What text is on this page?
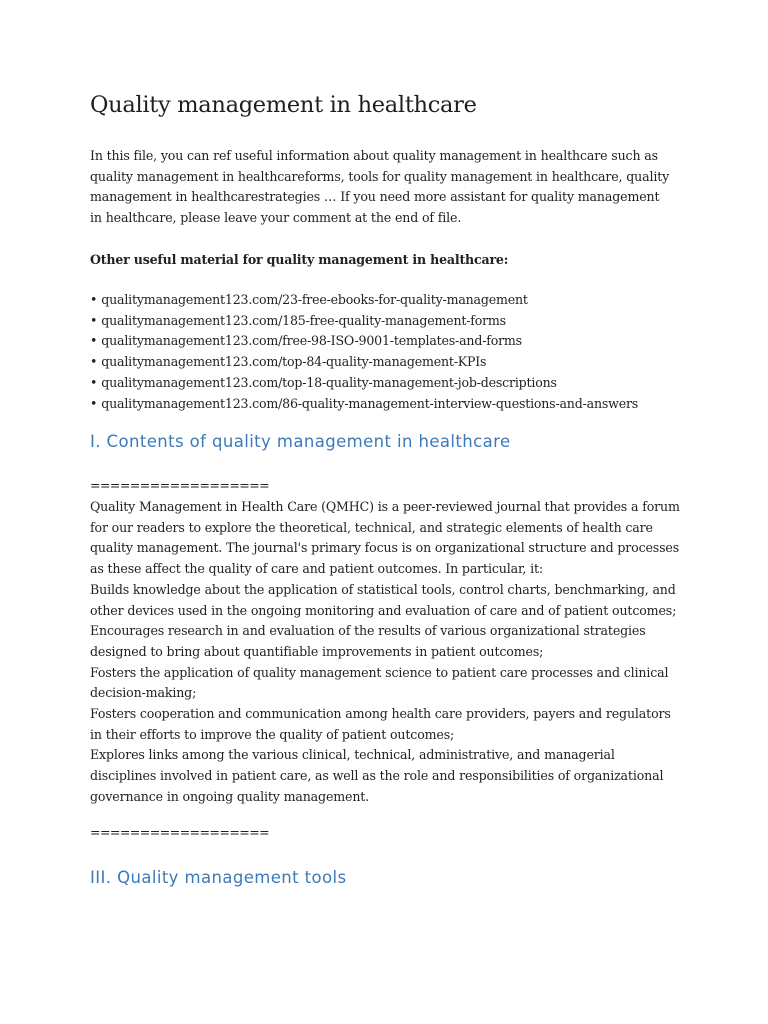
Quality management in healthcare

In this file, you can ref useful information about quality management in healthcare such as quality management in healthcareforms, tools for quality management in healthcare, quality management in healthcarestrategies … If you need more assistant for quality management in healthcare, please leave your comment at the end of file.

Other useful material for quality management in healthcare:

• qualitymanagement123.com/23-free-ebooks-for-quality-management
• qualitymanagement123.com/185-free-quality-management-forms
• qualitymanagement123.com/free-98-ISO-9001-templates-and-forms
• qualitymanagement123.com/top-84-quality-management-KPIs
• qualitymanagement123.com/top-18-quality-management-job-descriptions
• qualitymanagement123.com/86-quality-management-interview-questions-and-answers
I. Contents of quality management in healthcare

==================

Quality Management in Health Care (QMHC) is a peer-reviewed journal that provides a forum for our readers to explore the theoretical, technical, and strategic elements of health care quality management. The journal's primary focus is on organizational structure and processes as these affect the quality of care and patient outcomes. In particular, it:

Builds knowledge about the application of statistical tools, control charts, benchmarking, and other devices used in the ongoing monitoring and evaluation of care and of patient outcomes;

Encourages research in and evaluation of the results of various organizational strategies designed to bring about quantifiable improvements in patient outcomes;

Fosters the application of quality management science to patient care processes and clinical decision-making;

Fosters cooperation and communication among health care providers, payers and regulators in their efforts to improve the quality of patient outcomes;

Explores links among the various clinical, technical, administrative, and managerial disciplines involved in patient care, as well as the role and responsibilities of organizational governance in ongoing quality management.

==================

III. Quality management tools
